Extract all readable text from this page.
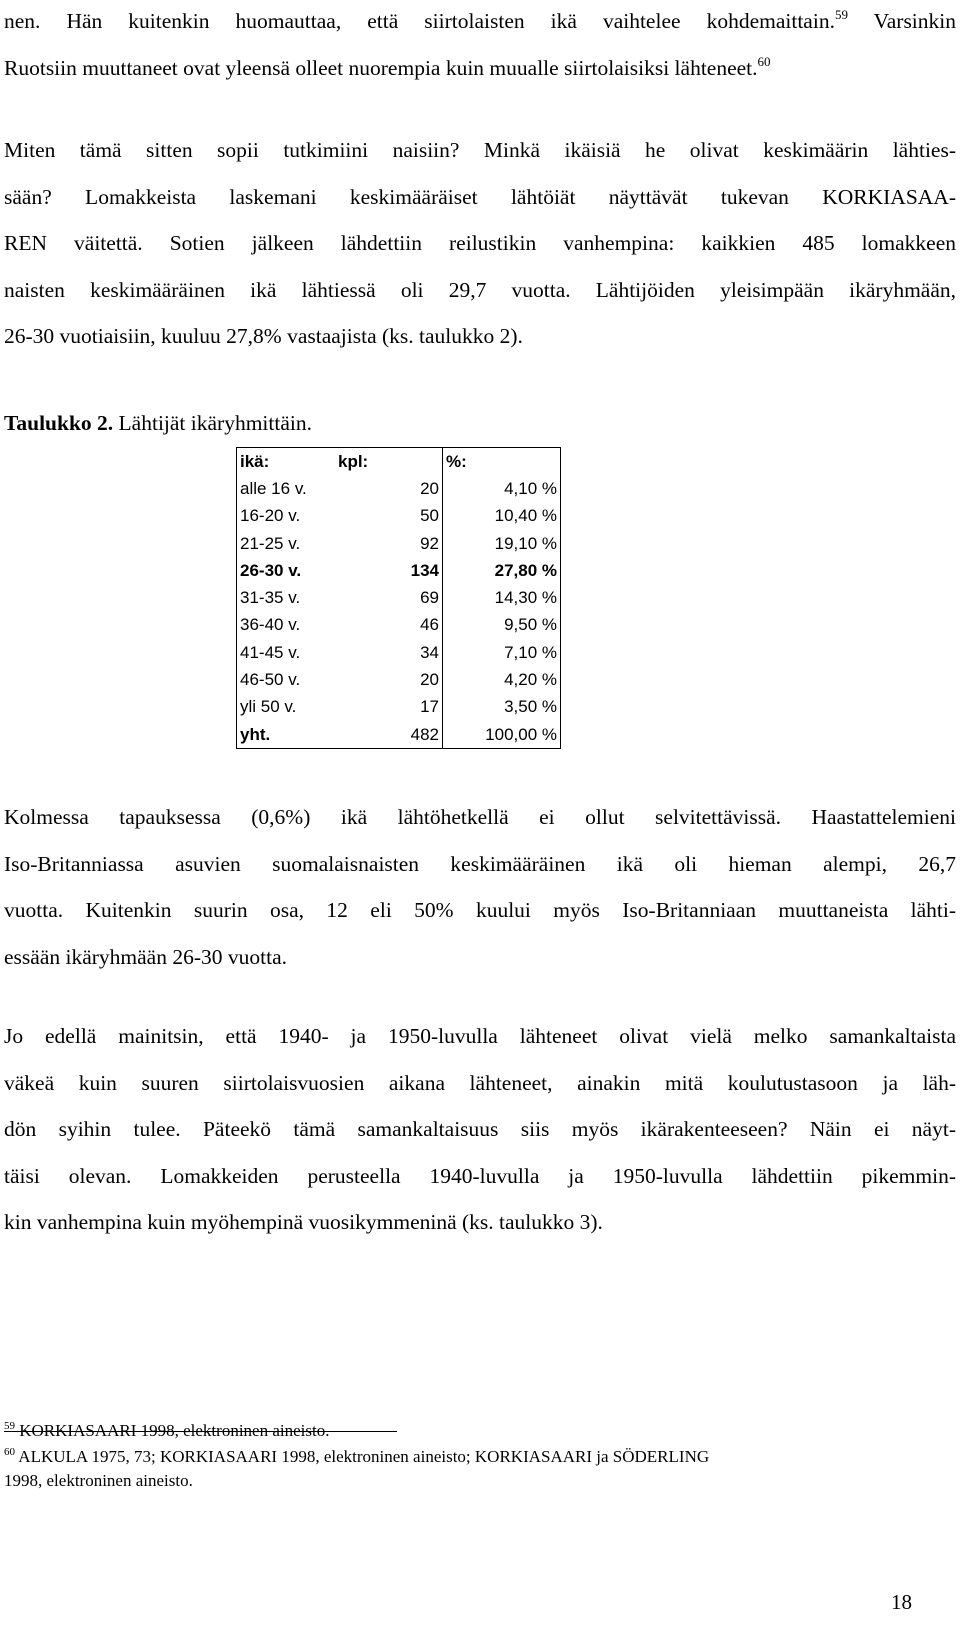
nen. Hän kuitenkin huomauttaa, että siirtolaisten ikä vaihtelee kohdemaittain.$^{59}$ Varsinkin
Ruotsiin muuttaneet ovat yleensä olleet nuorempia kuin muualle siirtolaisiksi lähteneet.$^{60}$
Miten tämä sitten sopii tutkimiini naisiin? Minkä ikäisiä he olivat keskimäärin lähties-
sään? Lomakkeista laskemani keskimääräiset lähtöiät näyttävät tukevan KORKIASAA-
REN väitettä. Sotien jälkeen lähdettiin reilustikin vanhempina: kaikkien 485 lomakkeen
naisten keskimääräinen ikä lähtiessä oli 29,7 vuotta. Lähtijöiden yleisimpään ikäryhmään,
26-30 vuotiaisiin, kuuluu 27,8% vastaajista (ks. taulukko 2).
Taulukko 2. Lähtijät ikäryhmittäin.
ikä:	kpl:	%:
alle 16 v.	20	4,10 %
16-20 v.	50	10,40 %
21-25 v.	92	19,10 %
26-30 v.	134	27,80 %
31-35 v.	69	14,30 %
36-40 v.	46	9,50 %
41-45 v.	34	7,10 %
46-50 v.	20	4,20 %
yli 50 v.	17	3,50 %
yht.	482	100,00 %
Kolmessa tapauksessa (0,6%) ikä lähtöhetkellä ei ollut selvitettävissä. Haastattelemieni
Iso-Britanniassa asuvien suomalaisnaisten keskimääräinen ikä oli hieman alempi, 26,7
vuotta. Kuitenkin suurin osa, 12 eli 50% kuului myös Iso-Britanniaan muuttaneista lähti-
essään ikäryhmään 26-30 vuotta.
Jo edellä mainitsin, että 1940- ja 1950-luvulla lähteneet olivat vielä melko samankaltaista
väkeä kuin suuren siirtolaisvuosien aikana lähteneet, ainakin mitä koulutustasoon ja läh-
dön syihin tulee. Päteekö tämä samankaltaisuus siis myös ikärakenteeseen? Näin ei näyt-
täisi olevan. Lomakkeiden perusteella 1940-luvulla ja 1950-luvulla lähdettiin pikemmin-
kin vanhempina kuin myöhempinä vuosikymmeninä (ks. taulukko 3).
$^{59}$ KORKIASAARI 1998, elektroninen aineisto.
$^{60}$ ALKULA 1975, 73; KORKIASAARI 1998, elektroninen aineisto; KORKIASAARI ja SÖDERLING
1998, elektroninen aineisto.
18
